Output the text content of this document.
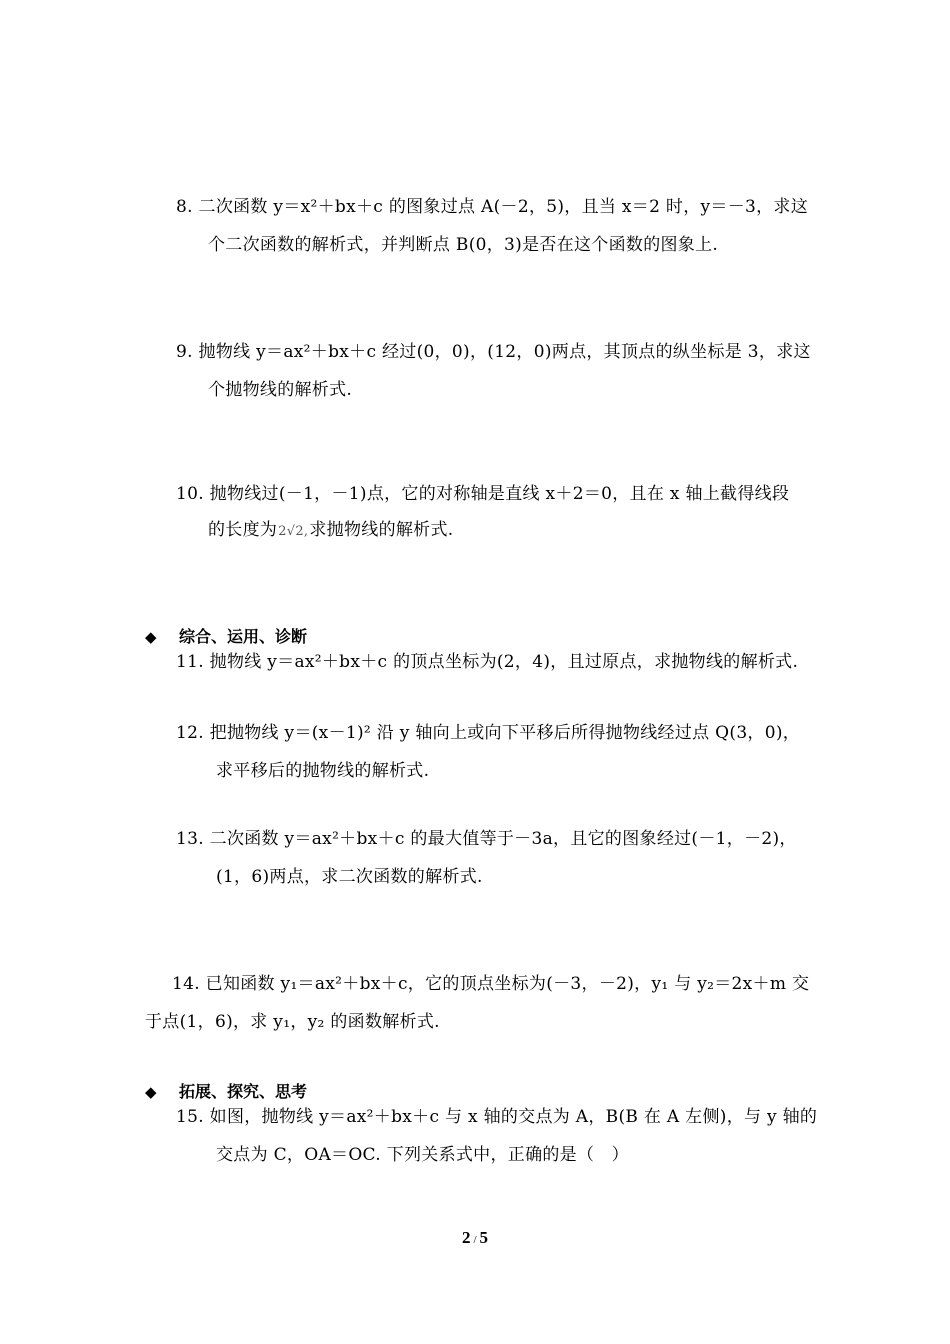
8. 二次函数 y＝x²＋bx＋c 的图象过点 A(－2，5)，且当 x＝2 时，y＝－3，求这
个二次函数的解析式，并判断点 B(0，3)是否在这个函数的图象上.
9. 抛物线 y＝ax²＋bx＋c 经过(0，0)，(12，0)两点，其顶点的纵坐标是 3，求这
个抛物线的解析式.
10. 抛物线过(－1，－1)点，它的对称轴是直线 x＋2＝0，且在 x 轴上截得线段
的长度为2√2,求抛物线的解析式.
◆ 综合、运用、诊断
11. 抛物线 y＝ax²＋bx＋c 的顶点坐标为(2，4)，且过原点，求抛物线的解析式.
12. 把抛物线 y＝(x－1)² 沿 y 轴向上或向下平移后所得抛物线经过点 Q(3，0)，
求平移后的抛物线的解析式.
13. 二次函数 y＝ax²＋bx＋c 的最大值等于－3a，且它的图象经过(－1，－2)，
(1，6)两点，求二次函数的解析式.
14. 已知函数 y₁＝ax²＋bx＋c，它的顶点坐标为(－3，－2)，y₁ 与 y₂＝2x＋m 交
于点(1，6)，求 y₁，y₂ 的函数解析式.
◆ 拓展、探究、思考
15. 如图，抛物线 y＝ax²＋bx＋c 与 x 轴的交点为 A，B(B 在 A 左侧)，与 y 轴的
交点为 C，OA＝OC. 下列关系式中，正确的是（　）
2 / 5
